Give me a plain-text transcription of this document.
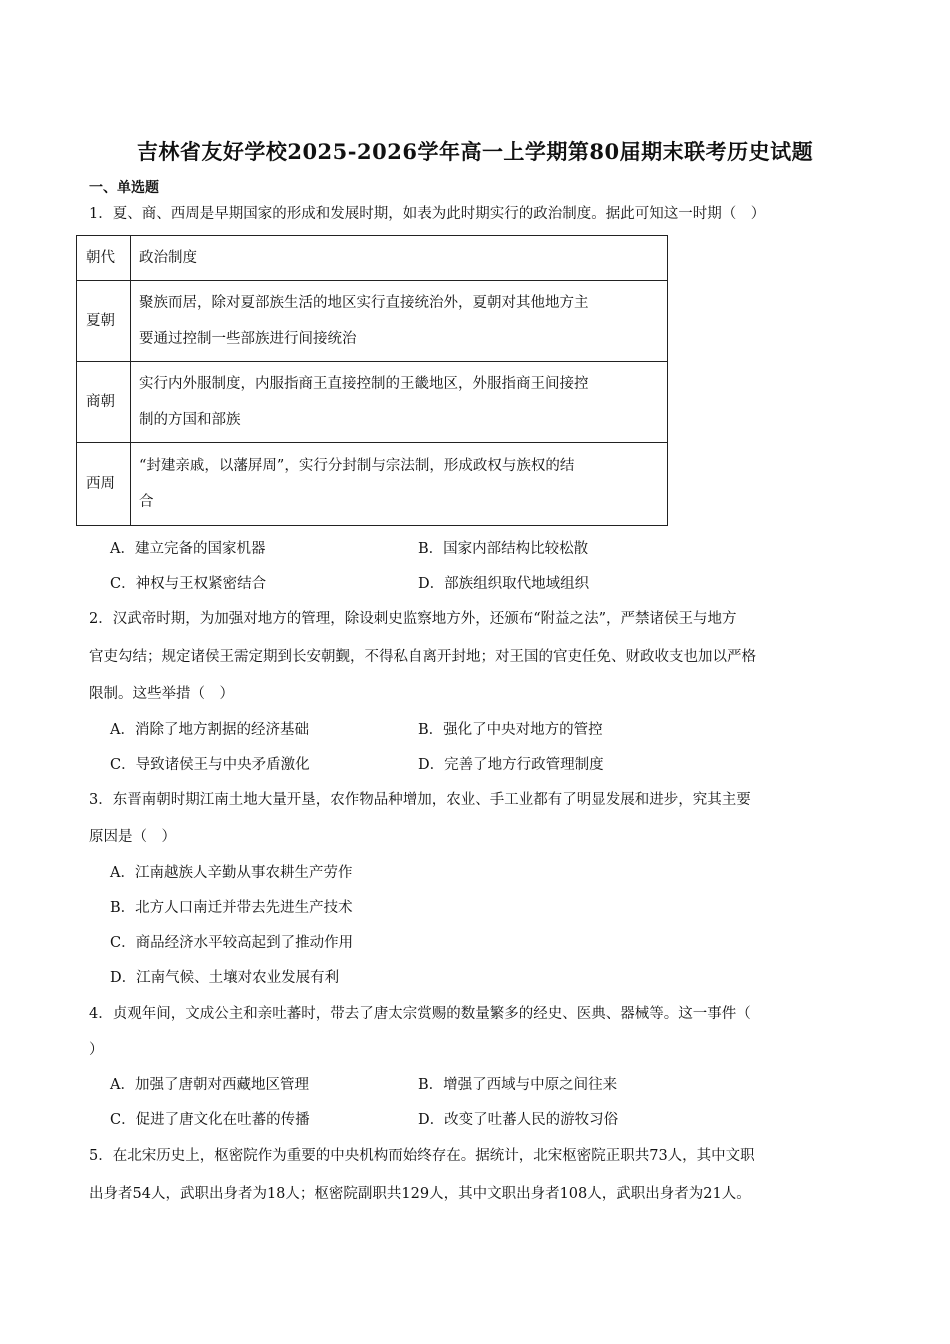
吉林省友好学校2025-2026学年高一上学期第80届期末联考历史试题
一、单选题
1．夏、商、西周是早期国家的形成和发展时期，如表为此时期实行的政治制度。据此可知这一时期（　）
朝代	政治制度
夏朝	聚族而居，除对夏部族生活的地区实行直接统治外，夏朝对其他地方主
要通过控制一些部族进行间接统治

商朝	实行内外服制度，内服指商王直接控制的王畿地区，外服指商王间接控
制的方国和部族

西周	“封建亲戚，以藩屏周”，实行分封制与宗法制，形成政权与族权的结
合
A．建立完备的国家机器	B．国家内部结构比较松散
C．神权与王权紧密结合	D．部族组织取代地域组织
2．汉武帝时期，为加强对地方的管理，除设刺史监察地方外，还颁布“附益之法”，严禁诸侯王与地方
官吏勾结；规定诸侯王需定期到长安朝觐，不得私自离开封地；对王国的官吏任免、财政收支也加以严格
限制。这些举措（　）
A．消除了地方割据的经济基础	B．强化了中央对地方的管控
C．导致诸侯王与中央矛盾激化	D．完善了地方行政管理制度
3．东晋南朝时期江南土地大量开垦，农作物品种增加，农业、手工业都有了明显发展和进步，究其主要
原因是（　）
A．江南越族人辛勤从事农耕生产劳作
B．北方人口南迁并带去先进生产技术
C．商品经济水平较高起到了推动作用
D．江南气候、土壤对农业发展有利
4．贞观年间，文成公主和亲吐蕃时，带去了唐太宗赏赐的数量繁多的经史、医典、器械等。这一事件（
）
A．加强了唐朝对西藏地区管理	B．增强了西域与中原之间往来
C．促进了唐文化在吐蕃的传播	D．改变了吐蕃人民的游牧习俗
5．在北宋历史上，枢密院作为重要的中央机构而始终存在。据统计，北宋枢密院正职共73人，其中文职
出身者54人，武职出身者为18人；枢密院副职共129人，其中文职出身者108人，武职出身者为21人。
